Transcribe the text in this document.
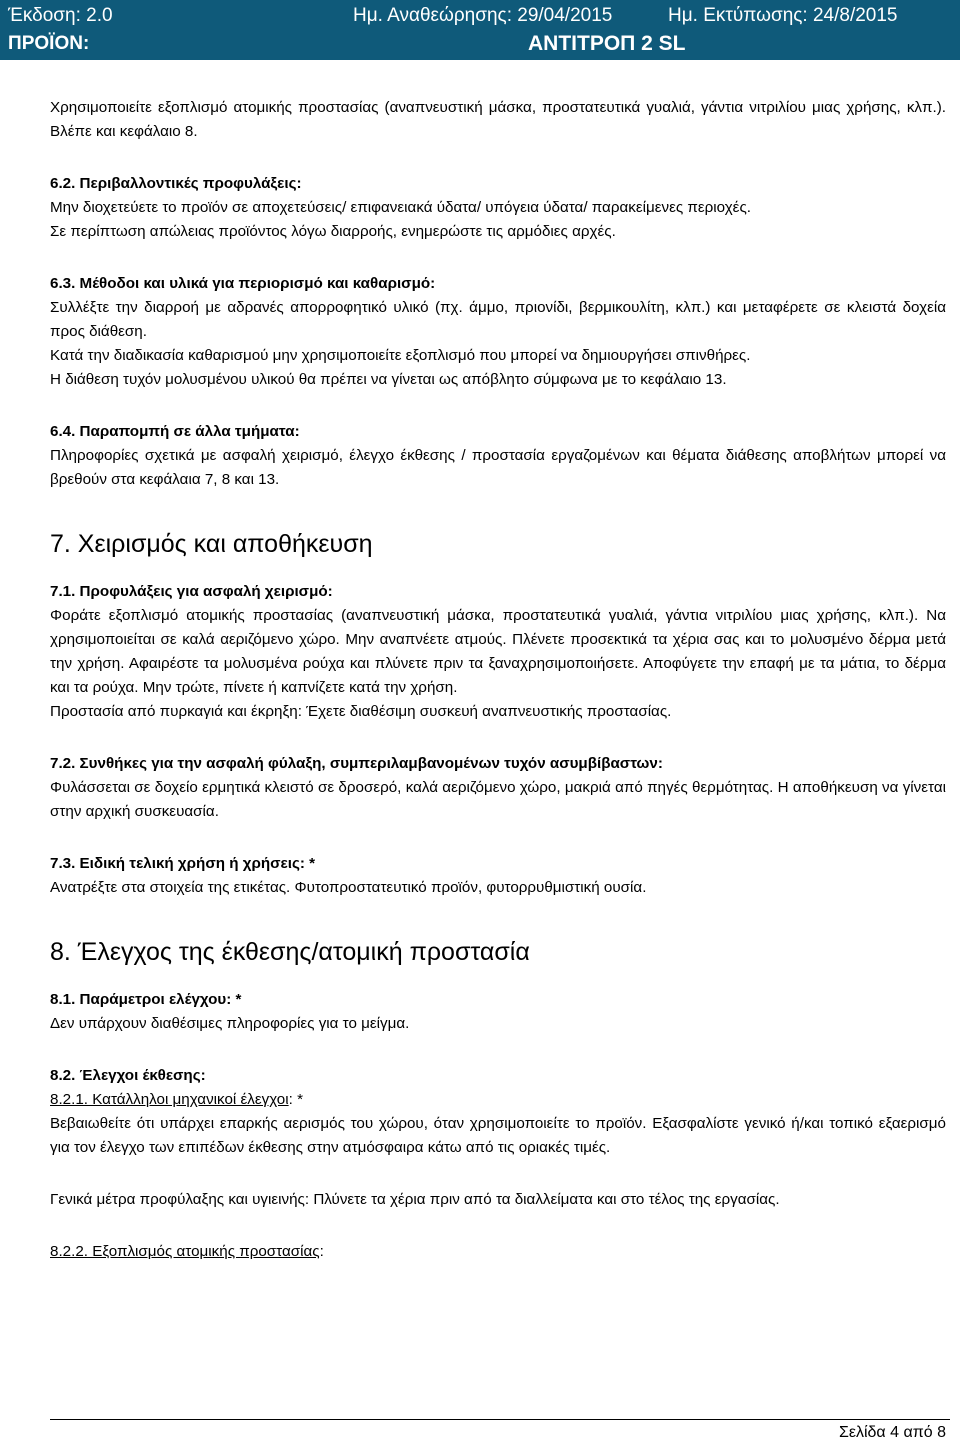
Έκδοση: 2.0	Ημ. Αναθεώρησης: 29/04/2015	Ημ. Εκτύπωσης: 24/8/2015
ΠΡΟΪΟΝ:	ΑΝΤΙΤΡΟΠ 2 SL

Χρησιμοποιείτε εξοπλισμό ατομικής προστασίας (αναπνευστική μάσκα, προστατευτικά γυαλιά, γάντια νιτριλίου μιας χρήσης, κλπ.). Βλέπε και κεφάλαιο 8.

6.2. Περιβαλλοντικές προφυλάξεις:

Μην διοχετεύετε το προϊόν σε αποχετεύσεις/ επιφανειακά ύδατα/ υπόγεια ύδατα/ παρακείμενες περιοχές.

Σε περίπτωση απώλειας προϊόντος λόγω διαρροής, ενημερώστε τις αρμόδιες αρχές.

6.3. Μέθοδοι και υλικά για περιορισμό και καθαρισμό:

Συλλέξτε την διαρροή με αδρανές απορροφητικό υλικό (πχ. άμμο, πριονίδι, βερμικουλίτη, κλπ.) και μεταφέρετε σε κλειστά δοχεία προς διάθεση.

Κατά την διαδικασία καθαρισμού μην χρησιμοποιείτε εξοπλισμό που μπορεί να δημιουργήσει σπινθήρες.

Η διάθεση τυχόν μολυσμένου υλικού θα πρέπει να γίνεται ως απόβλητο σύμφωνα με το κεφάλαιο 13.

6.4. Παραπομπή σε άλλα τμήματα:

Πληροφορίες σχετικά με ασφαλή χειρισμό, έλεγχο έκθεσης / προστασία εργαζομένων και θέματα διάθεσης αποβλήτων μπορεί να βρεθούν στα κεφάλαια 7, 8 και 13.

7. Χειρισμός και αποθήκευση

7.1. Προφυλάξεις για ασφαλή χειρισμό:

Φοράτε εξοπλισμό ατομικής προστασίας (αναπνευστική μάσκα, προστατευτικά γυαλιά, γάντια νιτριλίου μιας χρήσης, κλπ.). Να χρησιμοποιείται σε καλά αεριζόμενο χώρο. Μην αναπνέετε ατμούς. Πλένετε προσεκτικά τα χέρια σας και το μολυσμένο δέρμα μετά την χρήση. Αφαιρέστε τα μολυσμένα ρούχα και πλύνετε πριν τα ξαναχρησιμοποιήσετε. Αποφύγετε την επαφή με τα μάτια, το δέρμα και τα ρούχα. Μην τρώτε, πίνετε ή καπνίζετε κατά την χρήση.

Προστασία από πυρκαγιά και έκρηξη: Έχετε διαθέσιμη συσκευή αναπνευστικής προστασίας.

7.2. Συνθήκες για την ασφαλή φύλαξη, συμπεριλαμβανομένων τυχόν ασυμβίβαστων:

Φυλάσσεται σε δοχείο ερμητικά κλειστό σε δροσερό, καλά αεριζόμενο χώρο, μακριά από πηγές θερμότητας. Η αποθήκευση να γίνεται στην αρχική συσκευασία.

7.3. Ειδική τελική χρήση ή χρήσεις: *

Ανατρέξτε στα στοιχεία της ετικέτας. Φυτοπροστατευτικό προϊόν, φυτορρυθμιστική ουσία.

8. Έλεγχος της έκθεσης/ατομική προστασία

8.1. Παράμετροι ελέγχου: *

Δεν υπάρχουν διαθέσιμες πληροφορίες για το μείγμα.

8.2. Έλεγχοι έκθεσης:

8.2.1. Κατάλληλοι μηχανικοί έλεγχοι: *

Βεβαιωθείτε ότι υπάρχει επαρκής αερισμός του χώρου, όταν χρησιμοποιείτε το προϊόν. Εξασφαλίστε γενικό ή/και τοπικό εξαερισμό για τον έλεγχο των επιπέδων έκθεσης στην ατμόσφαιρα κάτω από τις οριακές τιμές.

Γενικά μέτρα προφύλαξης και υγιεινής: Πλύνετε τα χέρια πριν από τα διαλλείματα και στο τέλος της εργασίας.

8.2.2. Εξοπλισμός ατομικής προστασίας:

Σελίδα 4 από 8
